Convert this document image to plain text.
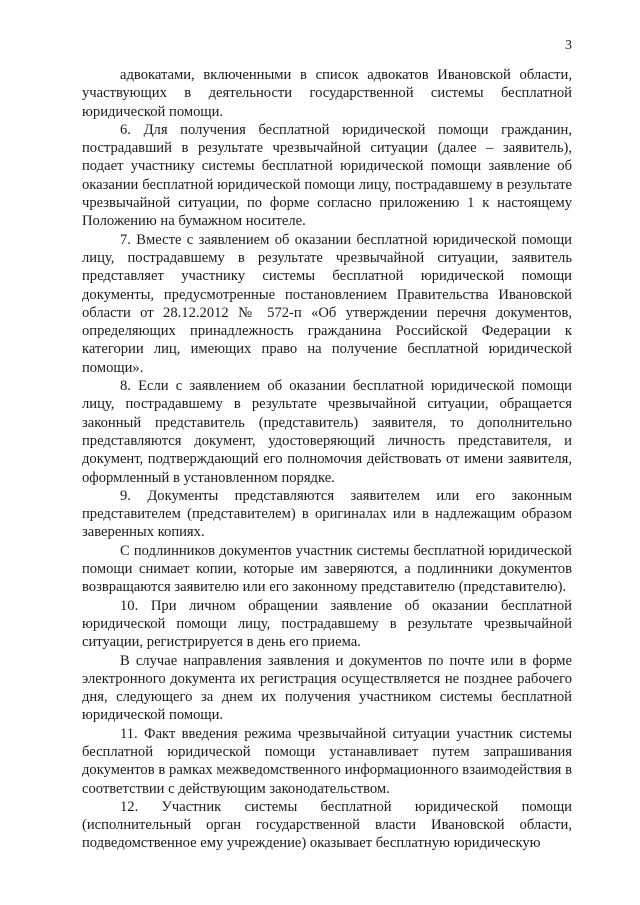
3

адвокатами, включенными в список адвокатов Ивановской области, участвующих в деятельности государственной системы бесплатной юридической помощи.

6. Для получения бесплатной юридической помощи гражданин, пострадавший в результате чрезвычайной ситуации (далее – заявитель), подает участнику системы бесплатной юридической помощи заявление об оказании бесплатной юридической помощи лицу, пострадавшему в результате чрезвычайной ситуации, по форме согласно приложению 1 к настоящему Положению на бумажном носителе.

7. Вместе с заявлением об оказании бесплатной юридической помощи лицу, пострадавшему в результате чрезвычайной ситуации, заявитель представляет участнику системы бесплатной юридической помощи документы, предусмотренные постановлением Правительства Ивановской области от 28.12.2012 № 572-п «Об утверждении перечня документов, определяющих принадлежность гражданина Российской Федерации к категории лиц, имеющих право на получение бесплатной юридической помощи».

8. Если с заявлением об оказании бесплатной юридической помощи лицу, пострадавшему в результате чрезвычайной ситуации, обращается законный представитель (представитель) заявителя, то дополнительно представляются документ, удостоверяющий личность представителя, и документ, подтверждающий его полномочия действовать от имени заявителя, оформленный в установленном порядке.

9. Документы представляются заявителем или его законным представителем (представителем) в оригиналах или в надлежащим образом заверенных копиях.

С подлинников документов участник системы бесплатной юридической помощи снимает копии, которые им заверяются, а подлинники документов возвращаются заявителю или его законному представителю (представителю).

10. При личном обращении заявление об оказании бесплатной юридической помощи лицу, пострадавшему в результате чрезвычайной ситуации, регистрируется в день его приема.

В случае направления заявления и документов по почте или в форме электронного документа их регистрация осуществляется не позднее рабочего дня, следующего за днем их получения участником системы бесплатной юридической помощи.

11. Факт введения режима чрезвычайной ситуации участник системы бесплатной юридической помощи устанавливает путем запрашивания документов в рамках межведомственного информационного взаимодействия в соответствии с действующим законодательством.

12. Участник системы бесплатной юридической помощи (исполнительный орган государственной власти Ивановской области, подведомственное ему учреждение) оказывает бесплатную юридическую
